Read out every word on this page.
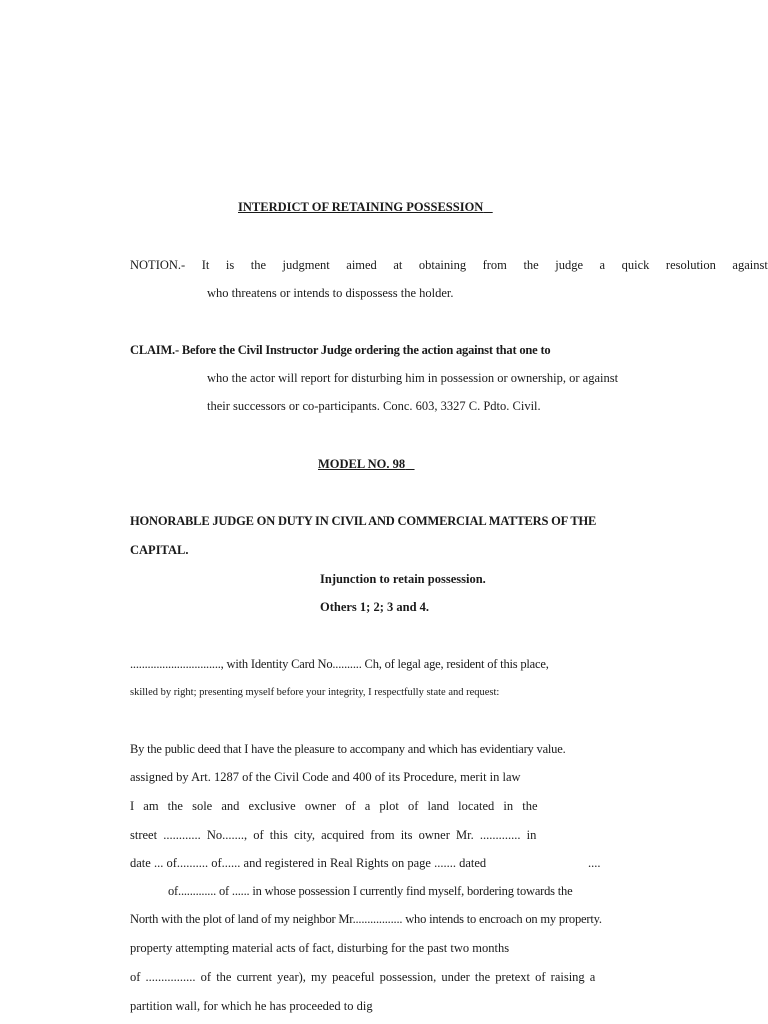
INTERDICT OF RETAINING POSSESSION
NOTION.- It is the judgment aimed at obtaining from the judge a quick resolution against
who threatens or intends to dispossess the holder.
CLAIM.- Before the Civil Instructor Judge ordering the action against that one to
who the actor will report for disturbing him in possession or ownership, or against
their successors or co-participants. Conc. 603, 3327 C. Pdto. Civil.
MODEL NO. 98
HONORABLE JUDGE ON DUTY IN CIVIL AND COMMERCIAL MATTERS OF THE
CAPITAL.
Injunction to retain possession.
Others 1; 2; 3 and 4.
..............................., with Identity Card No.......... Ch, of legal age, resident of this place,
skilled by right; presenting myself before your integrity, I respectfully state and request:
By the public deed that I have the pleasure to accompany and which has evidentiary value.
assigned by Art. 1287 of the Civil Code and 400 of its Procedure, merit in law
I am the sole and exclusive owner of a plot of land located in the
street ............ No......., of this city, acquired from its owner Mr. ............. in
date ... of.......... of...... and registered in Real Rights on page ....... dated	....
of............. of ...... in whose possession I currently find myself, bordering towards the
North with the plot of land of my neighbor Mr................. who intends to encroach on my property.
property attempting material acts of fact, disturbing for the past two months
of ................ of the current year), my peaceful possession, under the pretext of raising a
partition wall, for which he has proceeded to dig
